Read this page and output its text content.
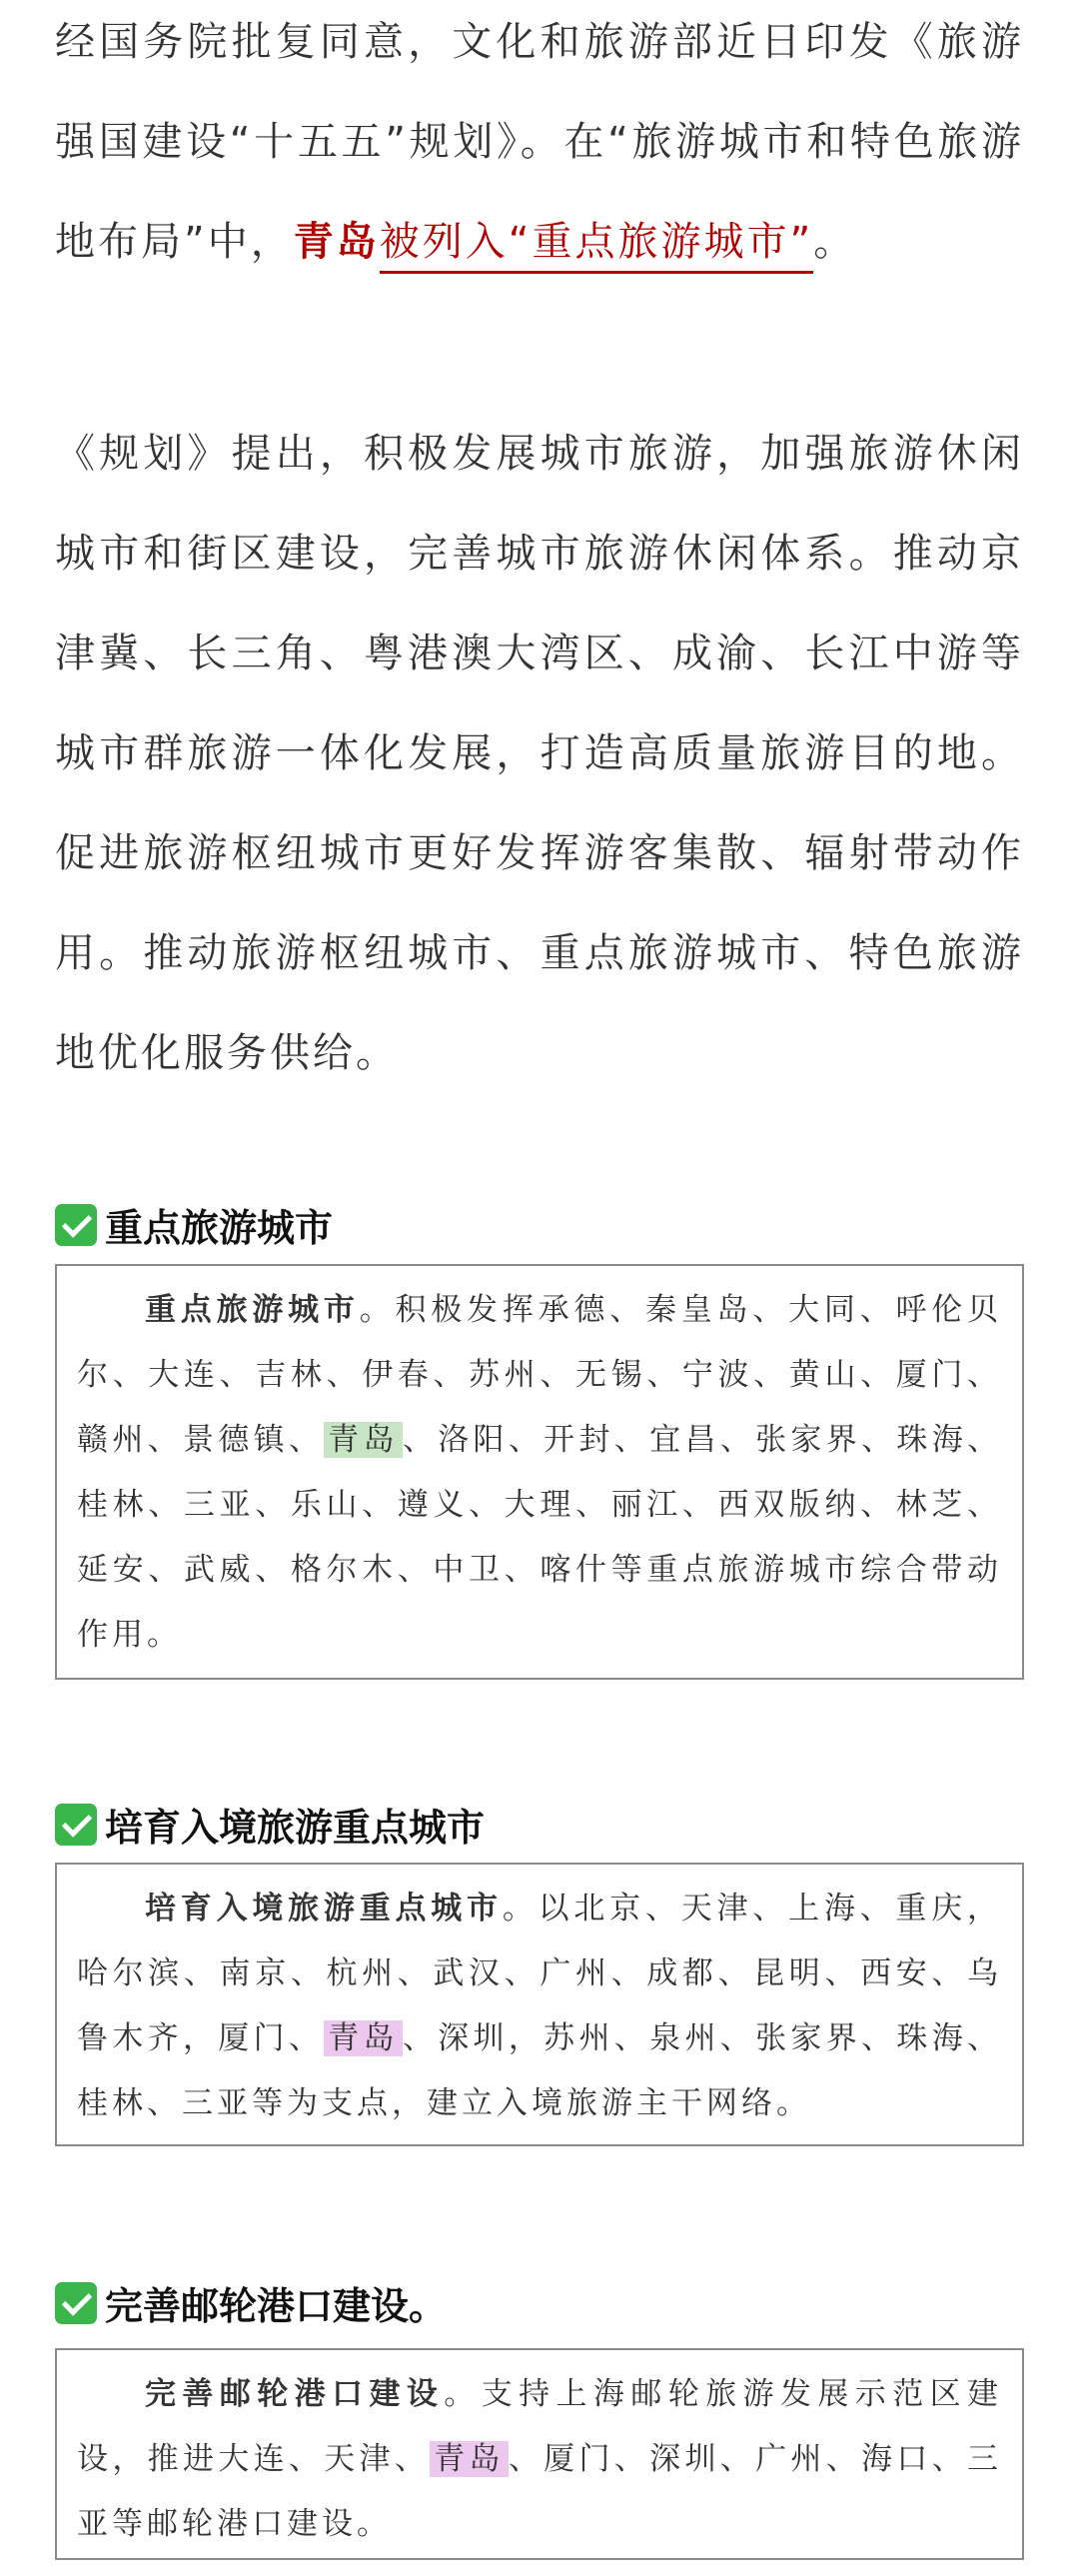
经国务院批复同意，文化和旅游部近日印发《旅游强国建设“十五五”规划》。在“旅游城市和特色旅游地布局”中，青岛被列入“重点旅游城市”。

《规划》提出，积极发展城市旅游，加强旅游休闲城市和街区建设，完善城市旅游休闲体系。推动京津冀、长三角、粤港澳大湾区、成渝、长江中游等城市群旅游一体化发展，打造高质量旅游目的地。促进旅游枢纽城市更好发挥游客集散、辐射带动作用。推动旅游枢纽城市、重点旅游城市、特色旅游地优化服务供给。

重点旅游城市
重点旅游城市。积极发挥承德、秦皇岛、大同、呼伦贝尔、大连、吉林、伊春、苏州、无锡、宁波、黄山、厦门、赣州、景德镇、 青岛 、洛阳、开封、宜昌、张家界、珠海、桂林、三亚、乐山、遵义、大理、丽江、西双版纳、林芝、延安、武威、格尔木、中卫、喀什等重点旅游城市综合带动作用。
培育入境旅游重点城市
培育入境旅游重点城市。以北京、天津、上海、重庆，哈尔滨、南京、杭州、武汉、广州、成都、昆明、西安、乌鲁木齐，厦门、 青岛 、深圳，苏州、泉州、张家界、珠海、桂林、三亚等为支点，建立入境旅游主干网络。
完善邮轮港口建设。
完善邮轮港口建设。支持上海邮轮旅游发展示范区建设，推进大连、天津、 青岛 、厦门、深圳、广州、海口、三亚等邮轮港口建设。
